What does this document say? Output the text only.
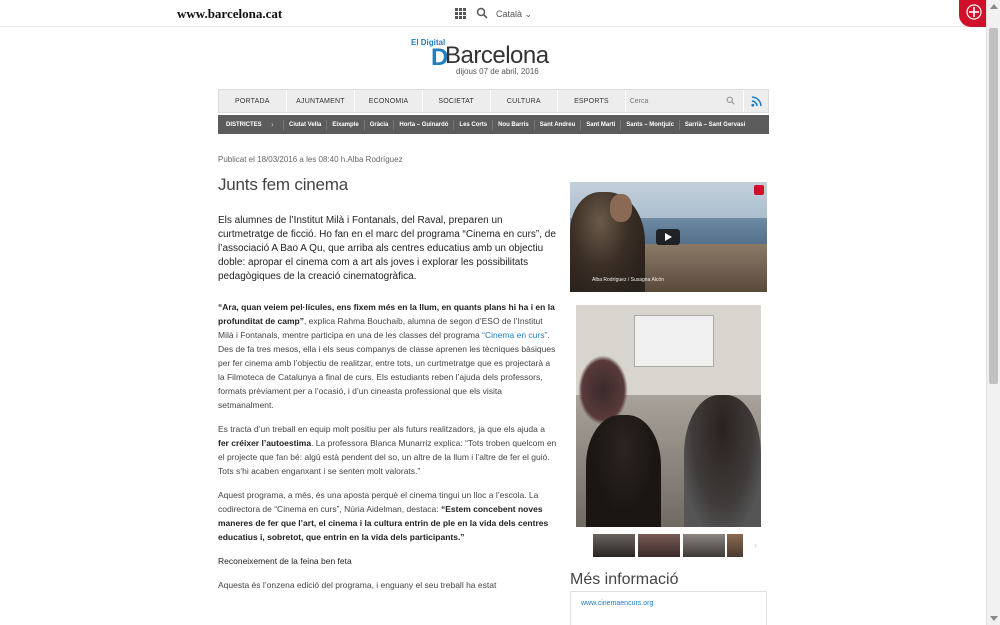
www.barcelona.cat	Català ⌄
El Digital
D
Barcelona
dijous 07 de abril, 2016
PORTADA	AJUNTAMENT	ECONOMIA	SOCIETAT	CULTURA	ESPORTS
Cerca
DISTRICTES	›	Ciutat Vella	Eixample	Gràcia	Horta – Guinardó	Les Corts	Nou Barris	Sant Andreu	Sant Martí	Sants – Montjuïc	Sarrià – Sant Gervasi
Publicat el 18/03/2016 a les 08:40 h.Alba Rodríguez
Junts fem cinema

Els alumnes de l’Institut Milà i Fontanals, del Raval, preparen un curtmetratge de ficció. Ho fan en el marc del programa “Cinema en curs”, de l’associació A Bao A Qu, que arriba als centres educatius amb un objectiu doble: apropar el cinema com a art als joves i explorar les possibilitats pedagògiques de la creació cinematogràfica.

“Ara, quan veiem pel·lícules, ens fixem més en la llum, en quants plans hi ha i en la profunditat de camp”, explica Rahma Bouchaib, alumna de segon d’ESO de l’Institut Milà i Fontanals, mentre participa en una de les classes del programa “Cinema en curs”. Des de fa tres mesos, ella i els seus companys de classe aprenen les tècniques bàsiques per fer cinema amb l’objectiu de realitzar, entre tots, un curtmetratge que es projectarà a la Filmoteca de Catalunya a final de curs. Els estudiants reben l’ajuda dels professors, formats prèviament per a l’ocasió, i d’un cineasta professional que els visita setmanalment.

Es tracta d’un treball en equip molt positiu per als futurs realitzadors, ja que els ajuda a fer créixer l’autoestima. La professora Blanca Munarriz explica: “Tots troben quelcom en el projecte que fan bé: algú està pendent del so, un altre de la llum i l’altre de fer el guió. Tots s’hi acaben enganxant i se senten molt valorats.”

Aquest programa, a més, és una aposta perquè el cinema tingui un lloc a l’escola. La codirectora de “Cinema en curs”, Núria Aidelman, destaca: “Estem concebent noves maneres de fer que l’art, el cinema i la cultura entrin de ple en la vida dels centres educatius i, sobretot, que entrin en la vida dels participants.”

Reconeixement de la feina ben feta

Aquesta és l’onzena edició del programa, i enguany el seu treball ha estat

Alba Rodríguez / Susagna Alcón
›
Més informació
www.cinemaencurs.org
